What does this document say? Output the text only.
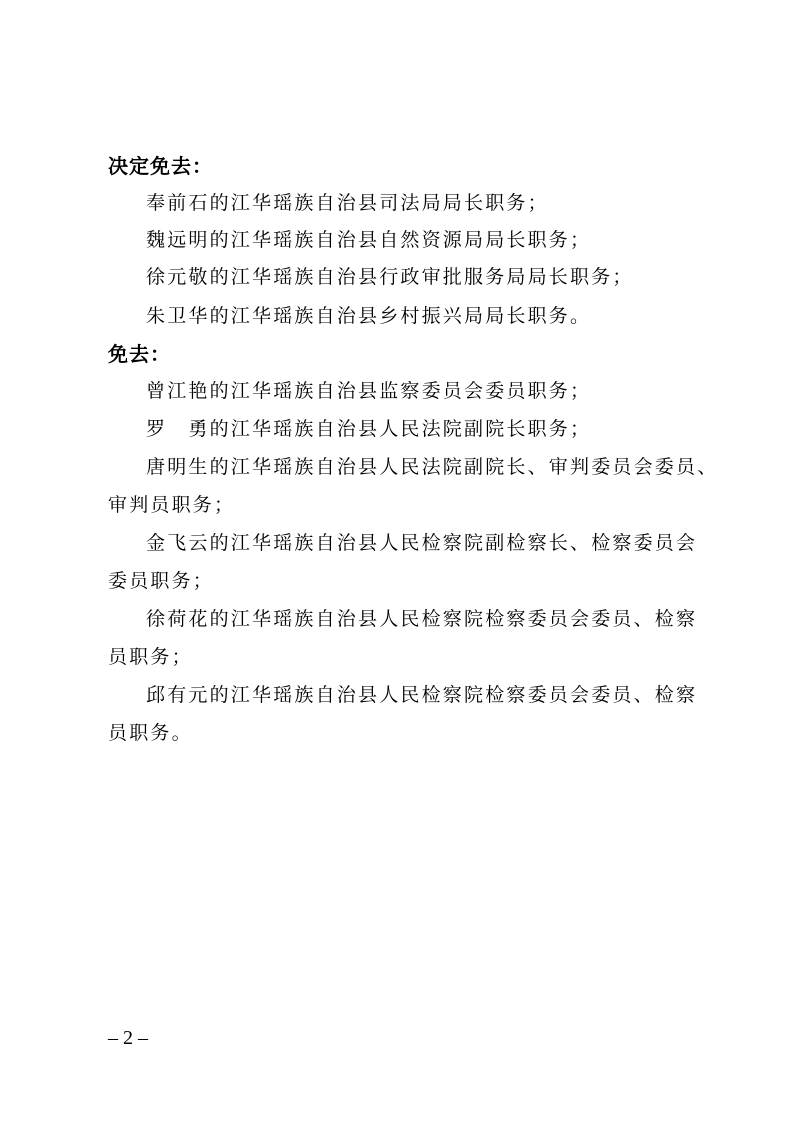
决定免去：
奉前石的江华瑶族自治县司法局局长职务；
魏远明的江华瑶族自治县自然资源局局长职务；
徐元敬的江华瑶族自治县行政审批服务局局长职务；
朱卫华的江华瑶族自治县乡村振兴局局长职务。
免去：
曾江艳的江华瑶族自治县监察委员会委员职务；
罗　勇的江华瑶族自治县人民法院副院长职务；
唐明生的江华瑶族自治县人民法院副院长、审判委员会委员、
审判员职务；
金飞云的江华瑶族自治县人民检察院副检察长、检察委员会
委员职务；
徐荷花的江华瑶族自治县人民检察院检察委员会委员、检察
员职务；
邱有元的江华瑶族自治县人民检察院检察委员会委员、检察
员职务。
– 2 –
